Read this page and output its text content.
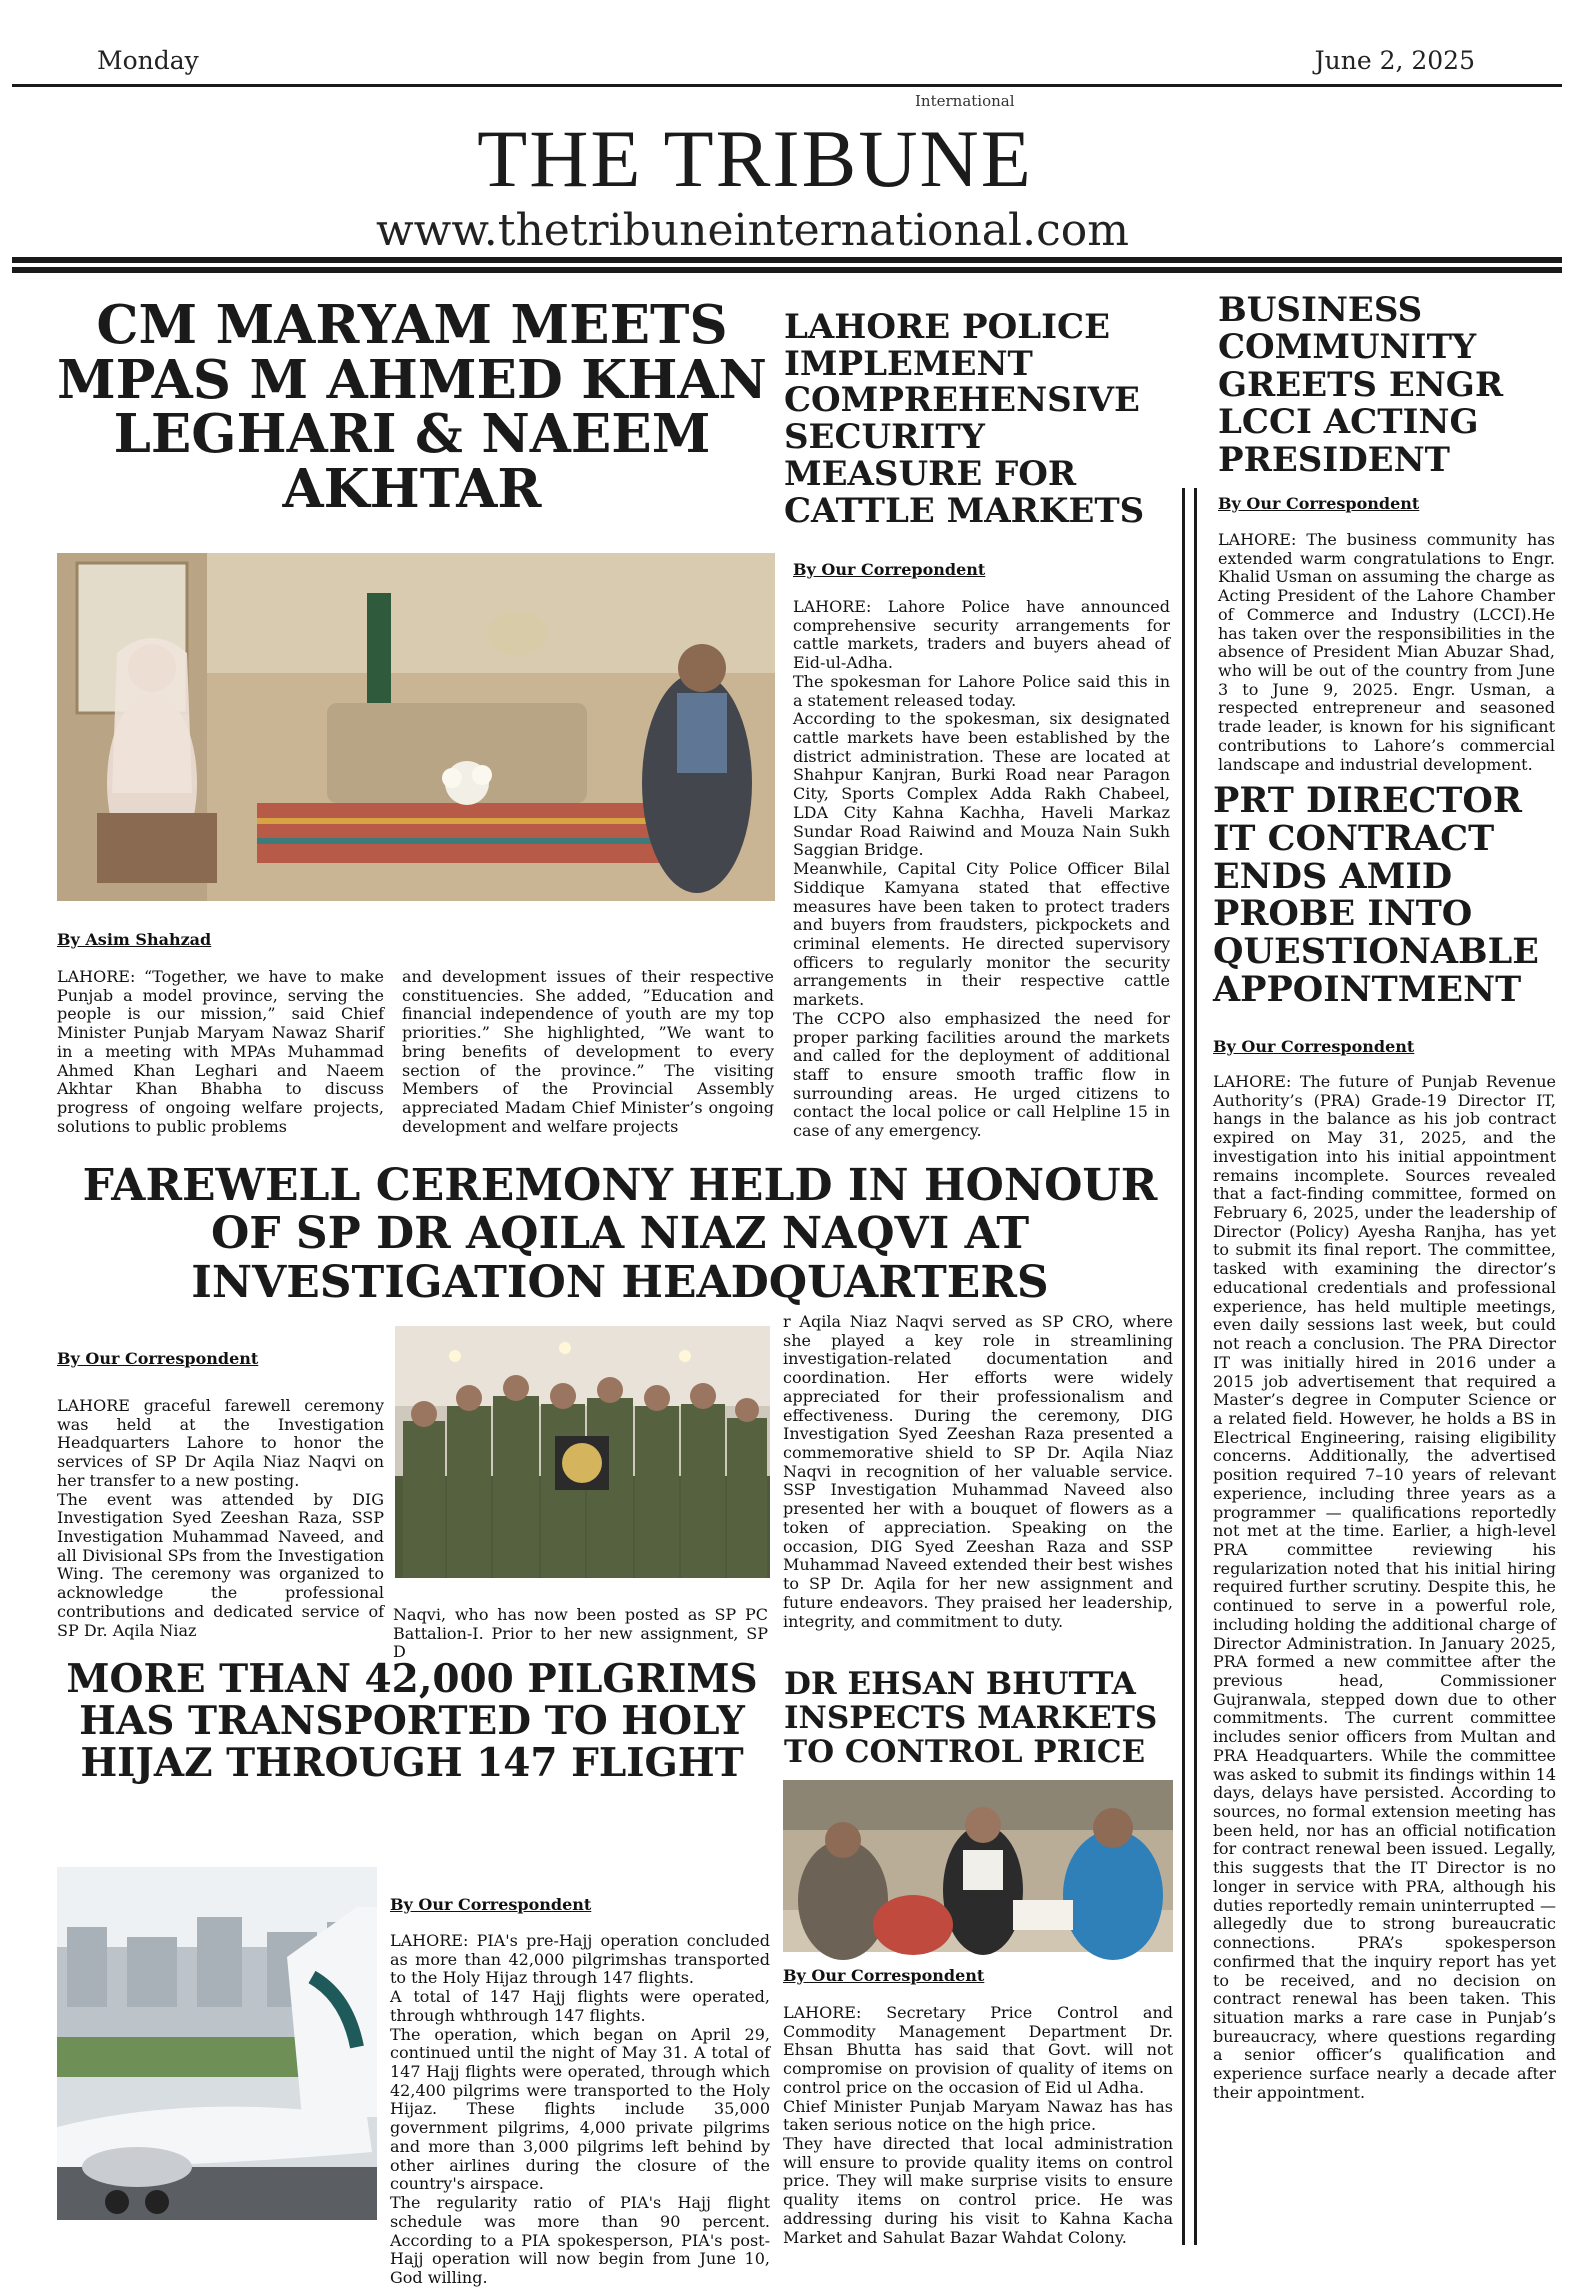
Monday	June 2, 2025
International
THE TRIBUNE
www.thetribuneinternational.com
CM MARYAM MEETS MPAS M AHMED KHAN LEGHARI & NAEEM AKHTAR
By Asim Shahzad
LAHORE: “Together, we have to make Punjab a model province, serving the people is our mission,” said Chief Minister Punjab Maryam Nawaz Sharif in a meeting with MPAs Muhammad Ahmed Khan Leghari and Naeem Akhtar Khan Bhabha to discuss progress of ongoing welfare projects, solutions to public problems
and development issues of their respective constituencies. She added, ”Education and financial independence of youth are my top priorities.” She highlighted, ”We want to bring benefits of development to every section of the province.” The visiting Members of the Provincial Assembly appreciated Madam Chief Minister’s ongoing development and welfare projects
LAHORE POLICE IMPLEMENT COMPREHENSIVE SECURITY MEASURE FOR CATTLE MARKETS
By Our Correpondent

LAHORE: Lahore Police have announced comprehensive security arrangements for cattle markets, traders and buyers ahead of Eid-ul-Adha.

The spokesman for Lahore Police said this in a statement released today.

According to the spokesman, six designated cattle markets have been established by the district administration. These are located at Shahpur Kanjran, Burki Road near Paragon City, Sports Complex Adda Rakh Chabeel, LDA City Kahna Kachha, Haveli Markaz Sundar Road Raiwind and Mouza Nain Sukh Saggian Bridge.

Meanwhile, Capital City Police Officer Bilal Siddique Kamyana stated that effective measures have been taken to protect traders and buyers from fraudsters, pickpockets and criminal elements. He directed supervisory officers to regularly monitor the security arrangements in their respective cattle markets.

The CCPO also emphasized the need for proper parking facilities around the markets and called for the deployment of additional staff to ensure smooth traffic flow in surrounding areas. He urged citizens to contact the local police or call Helpline 15 in case of any emergency.

BUSINESS COMMUNITY GREETS ENGR LCCI ACTING PRESIDENT
By Our Correspondent
LAHORE: The business community has extended warm congratulations to Engr. Khalid Usman on assuming the charge as Acting President of the Lahore Chamber of Commerce and Industry (LCCI).He has taken over the responsibilities in the absence of President Mian Abuzar Shad, who will be out of the country from June 3 to June 9, 2025. Engr. Usman, a respected entrepreneur and seasoned trade leader, is known for his significant contributions to Lahore’s commercial landscape and industrial development.
PRT DIRECTOR IT CONTRACT ENDS AMID PROBE INTO QUESTIONABLE APPOINTMENT
By Our Correspondent
LAHORE: The future of Punjab Revenue Authority’s (PRA) Grade-19 Director IT, hangs in the balance as his job contract expired on May 31, 2025, and the investigation into his initial appointment remains incomplete. Sources revealed that a fact-finding committee, formed on February 6, 2025, under the leadership of Director (Policy) Ayesha Ranjha, has yet to submit its final report. The committee, tasked with examining the director’s educational credentials and professional experience, has held multiple meetings, even daily sessions last week, but could not reach a conclusion. The PRA Director IT was initially hired in 2016 under a 2015 job advertisement that required a Master’s degree in Computer Science or a related field. However, he holds a BS in Electrical Engineering, raising eligibility concerns. Additionally, the advertised position required 7–10 years of relevant experience, including three years as a programmer — qualifications reportedly not met at the time. Earlier, a high-level PRA committee reviewing his regularization noted that his initial hiring required further scrutiny. Despite this, he continued to serve in a powerful role, including holding the additional charge of Director Administration. In January 2025, PRA formed a new committee after the previous head, Commissioner Gujranwala, stepped down due to other commitments. The current committee includes senior officers from Multan and PRA Headquarters. While the committee was asked to submit its findings within 14 days, delays have persisted. According to sources, no formal extension meeting has been held, nor has an official notification for contract renewal been issued. Legally, this suggests that the IT Director is no longer in service with PRA, although his duties reportedly remain uninterrupted — allegedly due to strong bureaucratic connections. PRA’s spokesperson confirmed that the inquiry report has yet to be received, and no decision on contract renewal has been taken. This situation marks a rare case in Punjab’s bureaucracy, where questions regarding a senior officer’s qualification and experience surface nearly a decade after their appointment.
FAREWELL CEREMONY HELD IN HONOUR OF SP DR AQILA NIAZ NAQVI AT INVESTIGATION HEADQUARTERS
By Our Correspondent

LAHORE graceful farewell ceremony was held at the Investigation Headquarters Lahore to honor the services of SP Dr Aqila Niaz Naqvi on her transfer to a new posting.

The event was attended by DIG Investigation Syed Zeeshan Raza, SSP Investigation Muhammad Naveed, and all Divisional SPs from the Investigation Wing. The ceremony was organized to acknowledge the professional contributions and dedicated service of SP Dr. Aqila Niaz

Naqvi, who has now been posted as SP PC Battalion-I. Prior to her new assignment, SP D
r Aqila Niaz Naqvi served as SP CRO, where she played a key role in streamlining investigation-related documentation and coordination. Her efforts were widely appreciated for their professionalism and effectiveness. During the ceremony, DIG Investigation Syed Zeeshan Raza presented a commemorative shield to SP Dr. Aqila Niaz Naqvi in recognition of her valuable service. SSP Investigation Muhammad Naveed also presented her with a bouquet of flowers as a token of appreciation. Speaking on the occasion, DIG Syed Zeeshan Raza and SSP Muhammad Naveed extended their best wishes to SP Dr. Aqila for her new assignment and future endeavors. They praised her leadership, integrity, and commitment to duty.
MORE THAN 42,000 PILGRIMS HAS TRANSPORTED TO HOLY HIJAZ THROUGH 147 FLIGHT
By Our Correspondent

LAHORE: PIA's pre-Hajj operation concluded as more than 42,000 pilgrimshas transported to the Holy Hijaz through 147 flights.

A total of 147 Hajj flights were operated, through whthrough 147 flights.

The operation, which began on April 29, continued until the night of May 31. A total of 147 Hajj flights were operated, through which 42,400 pilgrims were transported to the Holy Hijaz. These flights include 35,000 government pilgrims, 4,000 private pilgrims and more than 3,000 pilgrims left behind by other airlines during the closure of the country's airspace.

The regularity ratio of PIA's Hajj flight schedule was more than 90 percent. According to a PIA spokesperson, PIA's post-Hajj operation will now begin from June 10, God willing.

DR EHSAN BHUTTA INSPECTS MARKETS TO CONTROL PRICE
By Our Correspondent

LAHORE: Secretary Price Control and Commodity Management Department Dr. Ehsan Bhutta has said that Govt. will not compromise on provision of quality of items on control price on the occasion of Eid ul Adha.

Chief Minister Punjab Maryam Nawaz has has taken serious notice on the high price.

They have directed that local administration will ensure to provide quality items on control price. They will make surprise visits to ensure quality items on control price. He was addressing during his visit to Kahna Kacha Market and Sahulat Bazar Wahdat Colony.
